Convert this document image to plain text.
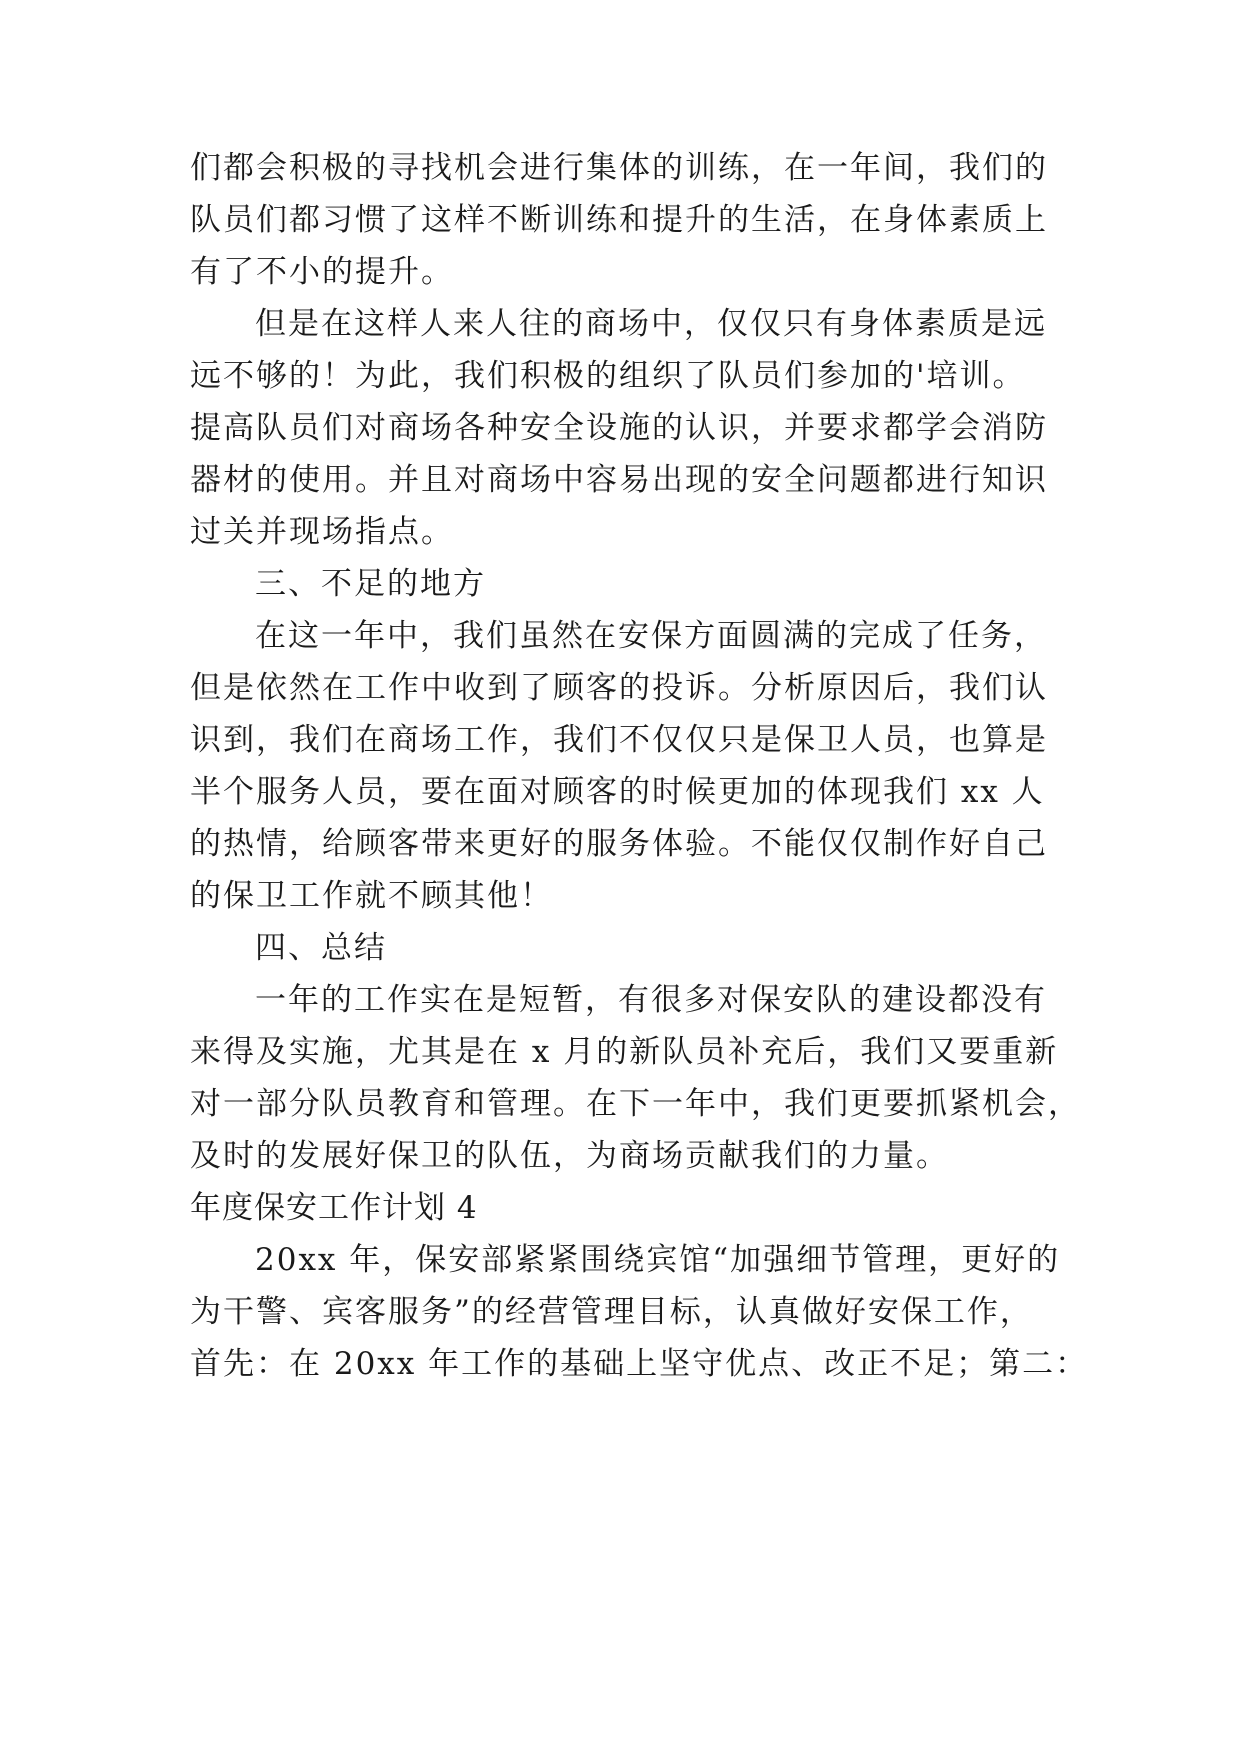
们都会积极的寻找机会进行集体的训练，在一年间，我们的
队员们都习惯了这样不断训练和提升的生活，在身体素质上
有了不小的提升。
但是在这样人来人往的商场中，仅仅只有身体素质是远
远不够的！为此，我们积极的组织了队员们参加的'培训。
提高队员们对商场各种安全设施的认识，并要求都学会消防
器材的使用。并且对商场中容易出现的安全问题都进行知识
过关并现场指点。
三、不足的地方
在这一年中，我们虽然在安保方面圆满的完成了任务，
但是依然在工作中收到了顾客的投诉。分析原因后，我们认
识到，我们在商场工作，我们不仅仅只是保卫人员，也算是
半个服务人员，要在面对顾客的时候更加的体现我们 xx 人
的热情，给顾客带来更好的服务体验。不能仅仅制作好自己
的保卫工作就不顾其他！
四、总结
一年的工作实在是短暂，有很多对保安队的建设都没有
来得及实施，尤其是在 x 月的新队员补充后，我们又要重新
对一部分队员教育和管理。在下一年中，我们更要抓紧机会，
及时的发展好保卫的队伍，为商场贡献我们的力量。
年度保安工作计划 4
20xx 年，保安部紧紧围绕宾馆“加强细节管理，更好的
为干警、宾客服务”的经营管理目标，认真做好安保工作，
首先：在 20xx 年工作的基础上坚守优点、改正不足；第二：
